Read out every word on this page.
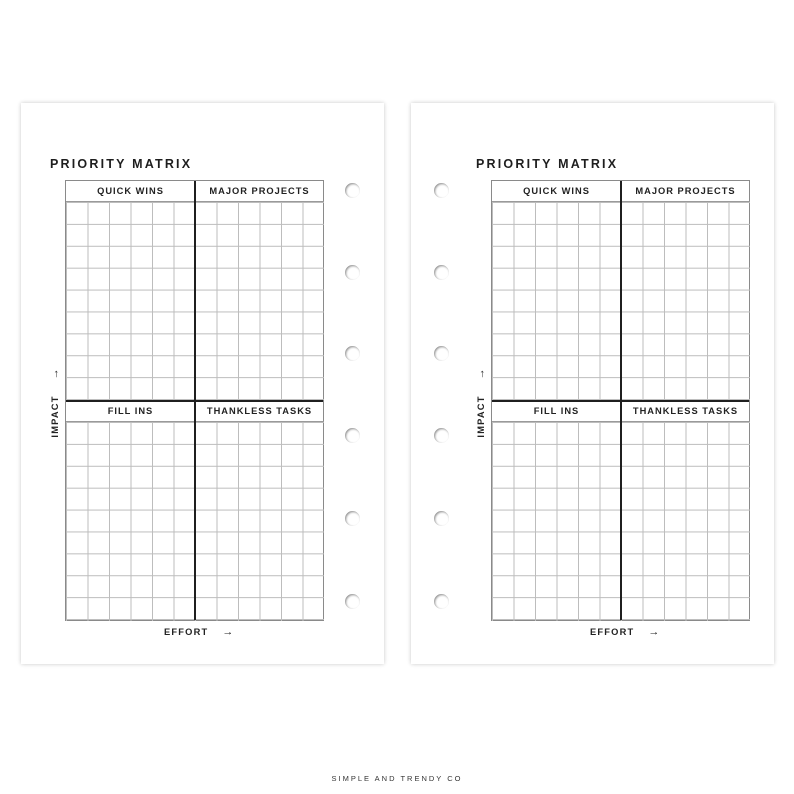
PRIORITY MATRIX
QUICK WINS	MAJOR PROJECTS
FILL INS	THANKLESS TASKS
EFFORT →
IMPACT
→
PRIORITY MATRIX
QUICK WINS	MAJOR PROJECTS
FILL INS	THANKLESS TASKS
EFFORT →
IMPACT
→
SIMPLE AND TRENDY CO
